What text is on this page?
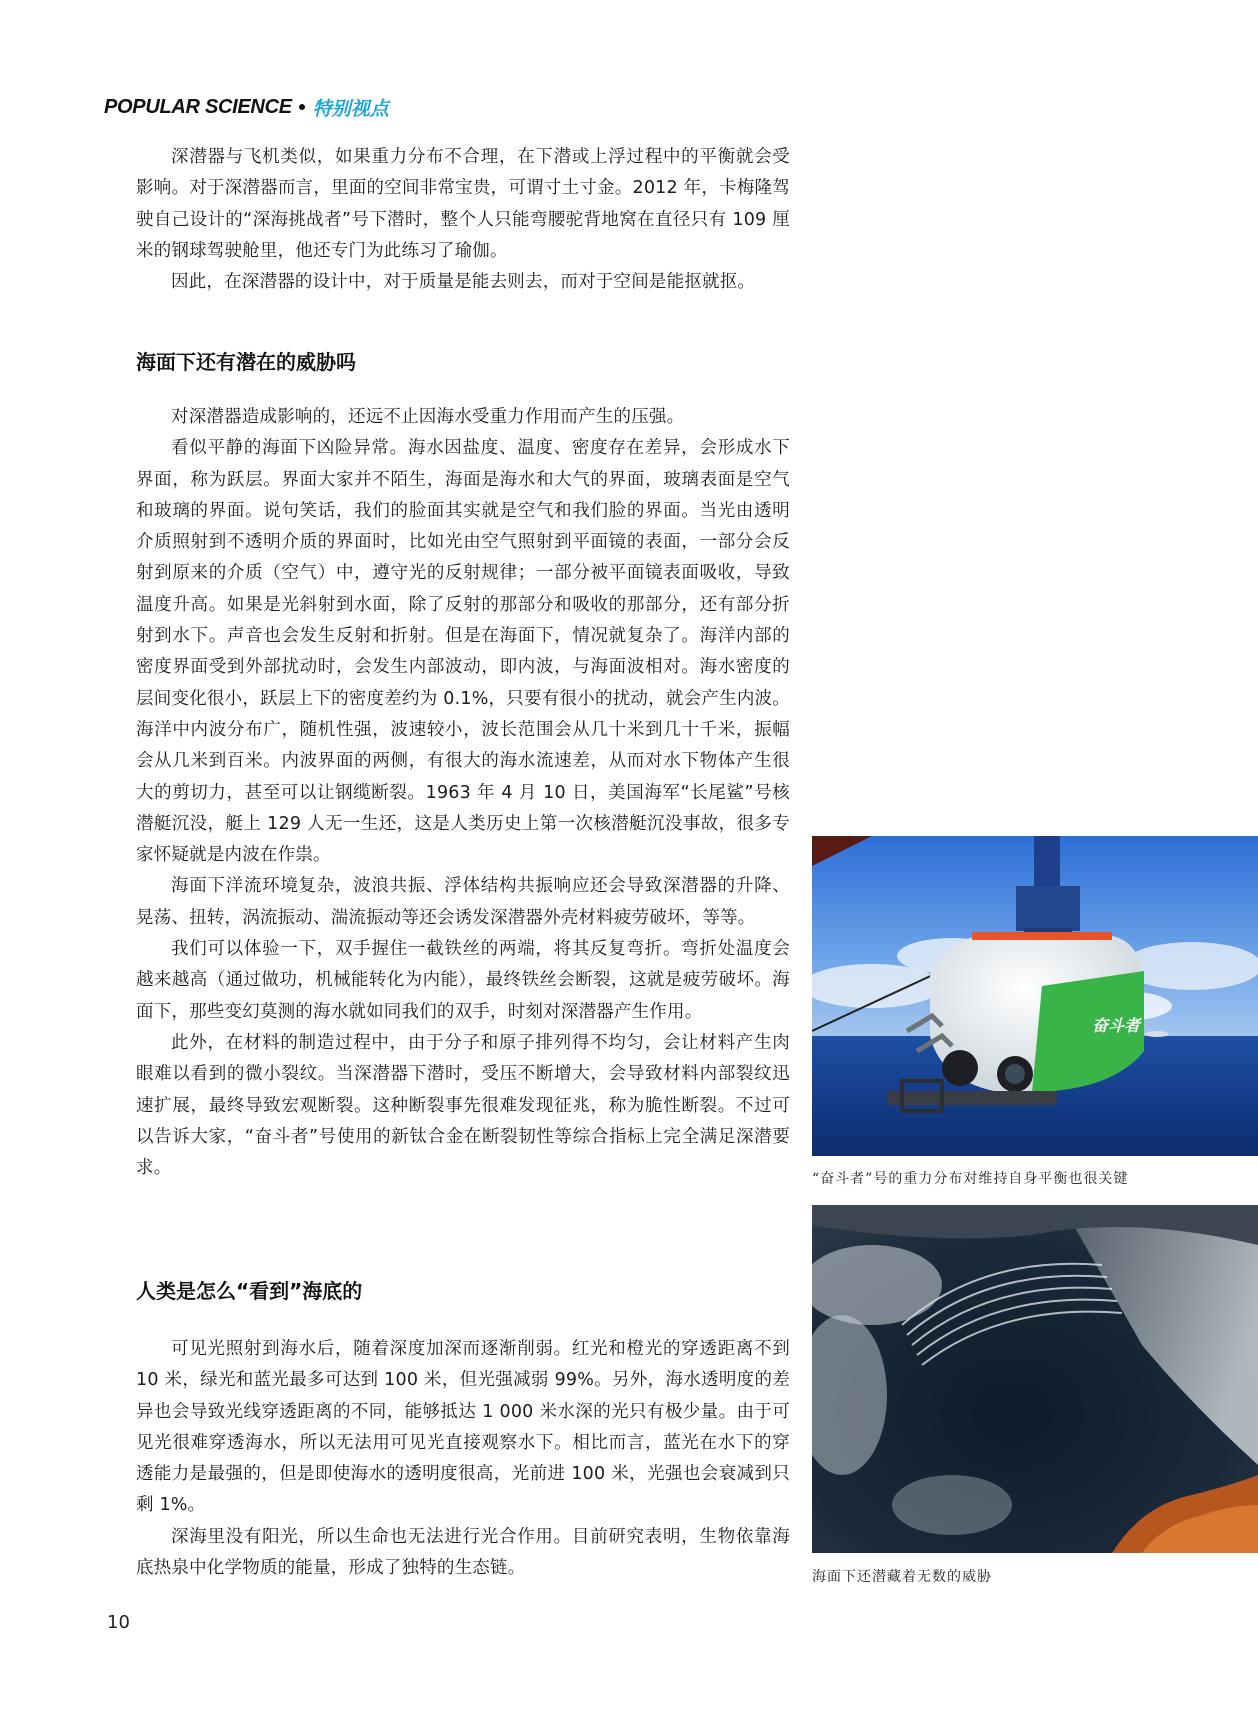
POPULAR SCIENCE 特别视点

深潜器与飞机类似，如果重力分布不合理，在下潜或上浮过程中的平衡就会受影响。对于深潜器而言，里面的空间非常宝贵，可谓寸土寸金。2012 年，卡梅隆驾驶自己设计的“深海挑战者”号下潜时，整个人只能弯腰驼背地窝在直径只有 109 厘米的钢球驾驶舱里，他还专门为此练习了瑜伽。

因此，在深潜器的设计中，对于质量是能去则去，而对于空间是能抠就抠。

海面下还有潜在的威胁吗

对深潜器造成影响的，还远不止因海水受重力作用而产生的压强。

看似平静的海面下凶险异常。海水因盐度、温度、密度存在差异，会形成水下界面，称为跃层。界面大家并不陌生，海面是海水和大气的界面，玻璃表面是空气和玻璃的界面。说句笑话，我们的脸面其实就是空气和我们脸的界面。当光由透明介质照射到不透明介质的界面时，比如光由空气照射到平面镜的表面，一部分会反射到原来的介质（空气）中，遵守光的反射规律；一部分被平面镜表面吸收，导致温度升高。如果是光斜射到水面，除了反射的那部分和吸收的那部分，还有部分折射到水下。声音也会发生反射和折射。但是在海面下，情况就复杂了。海洋内部的密度界面受到外部扰动时，会发生内部波动，即内波，与海面波相对。海水密度的层间变化很小，跃层上下的密度差约为 0.1%，只要有很小的扰动，就会产生内波。海洋中内波分布广，随机性强，波速较小，波长范围会从几十米到几十千米，振幅会从几米到百米。内波界面的两侧，有很大的海水流速差，从而对水下物体产生很大的剪切力，甚至可以让钢缆断裂。1963 年 4 月 10 日，美国海军“长尾鲨”号核潜艇沉没，艇上 129 人无一生还，这是人类历史上第一次核潜艇沉没事故，很多专家怀疑就是内波在作祟。

海面下洋流环境复杂，波浪共振、浮体结构共振响应还会导致深潜器的升降、晃荡、扭转，涡流振动、湍流振动等还会诱发深潜器外壳材料疲劳破坏，等等。

我们可以体验一下，双手握住一截铁丝的两端，将其反复弯折。弯折处温度会越来越高（通过做功，机械能转化为内能），最终铁丝会断裂，这就是疲劳破坏。海面下，那些变幻莫测的海水就如同我们的双手，时刻对深潜器产生作用。

此外，在材料的制造过程中，由于分子和原子排列得不均匀，会让材料产生肉眼难以看到的微小裂纹。当深潜器下潜时，受压不断增大，会导致材料内部裂纹迅速扩展，最终导致宏观断裂。这种断裂事先很难发现征兆，称为脆性断裂。不过可以告诉大家，“奋斗者”号使用的新钛合金在断裂韧性等综合指标上完全满足深潜要求。

人类是怎么“看到”海底的

可见光照射到海水后，随着深度加深而逐渐削弱。红光和橙光的穿透距离不到 10 米，绿光和蓝光最多可达到 100 米，但光强减弱 99%。另外，海水透明度的差异也会导致光线穿透距离的不同，能够抵达 1 000 米水深的光只有极少量。由于可见光很难穿透海水，所以无法用可见光直接观察水下。相比而言，蓝光在水下的穿透能力是最强的，但是即使海水的透明度很高，光前进 100 米，光强也会衰减到只剩 1%。

深海里没有阳光，所以生命也无法进行光合作用。目前研究表明，生物依靠海底热泉中化学物质的能量，形成了独特的生态链。

奋斗者
“奋斗者”号的重力分布对维持自身平衡也很关键
海面下还潜藏着无数的威胁
10
